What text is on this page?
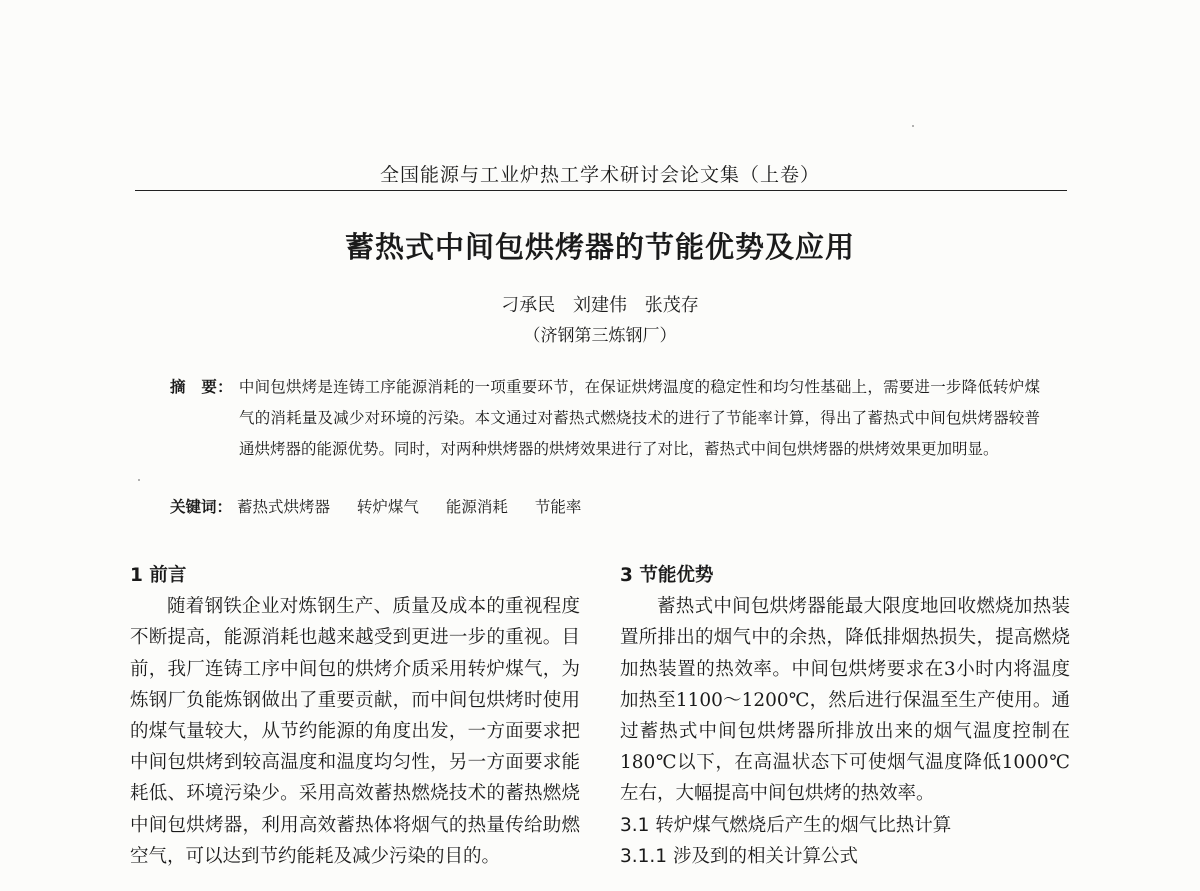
全国能源与工业炉热工学术研讨会论文集（上卷）
蓄热式中间包烘烤器的节能优势及应用
刁承民 刘建伟 张茂存
（济钢第三炼钢厂）
摘　要： 中间包烘烤是连铸工序能源消耗的一项重要环节，在保证烘烤温度的稳定性和均匀性基础上，需要进一步降低转炉煤气的消耗量及减少对环境的污染。本文通过对蓄热式燃烧技术的进行了节能率计算，得出了蓄热式中间包烘烤器较普通烘烤器的能源优势。同时，对两种烘烤器的烘烤效果进行了对比，蓄热式中间包烘烤器的烘烤效果更加明显。
关键词： 蓄热式烘烤器 转炉煤气 能源消耗 节能率

1 前言

随着钢铁企业对炼钢生产、质量及成本的重视程度不断提高，能源消耗也越来越受到更进一步的重视。目前，我厂连铸工序中间包的烘烤介质采用转炉煤气，为炼钢厂负能炼钢做出了重要贡献，而中间包烘烤时使用的煤气量较大，从节约能源的角度出发，一方面要求把中间包烘烤到较高温度和温度均匀性，另一方面要求能耗低、环境污染少。采用高效蓄热燃烧技术的蓄热燃烧中间包烘烤器，利用高效蓄热体将烟气的热量传给助燃空气，可以达到节约能耗及减少污染的目的。

3 节能优势

蓄热式中间包烘烤器能最大限度地回收燃烧加热装置所排出的烟气中的余热，降低排烟热损失，提高燃烧加热装置的热效率。中间包烘烤要求在3小时内将温度加热至1100～1200℃，然后进行保温至生产使用。通过蓄热式中间包烘烤器所排放出来的烟气温度控制在180℃以下，在高温状态下可使烟气温度降低1000℃左右，大幅提高中间包烘烤的热效率。

3.1 转炉煤气燃烧后产生的烟气比热计算

3.1.1 涉及到的相关计算公式
